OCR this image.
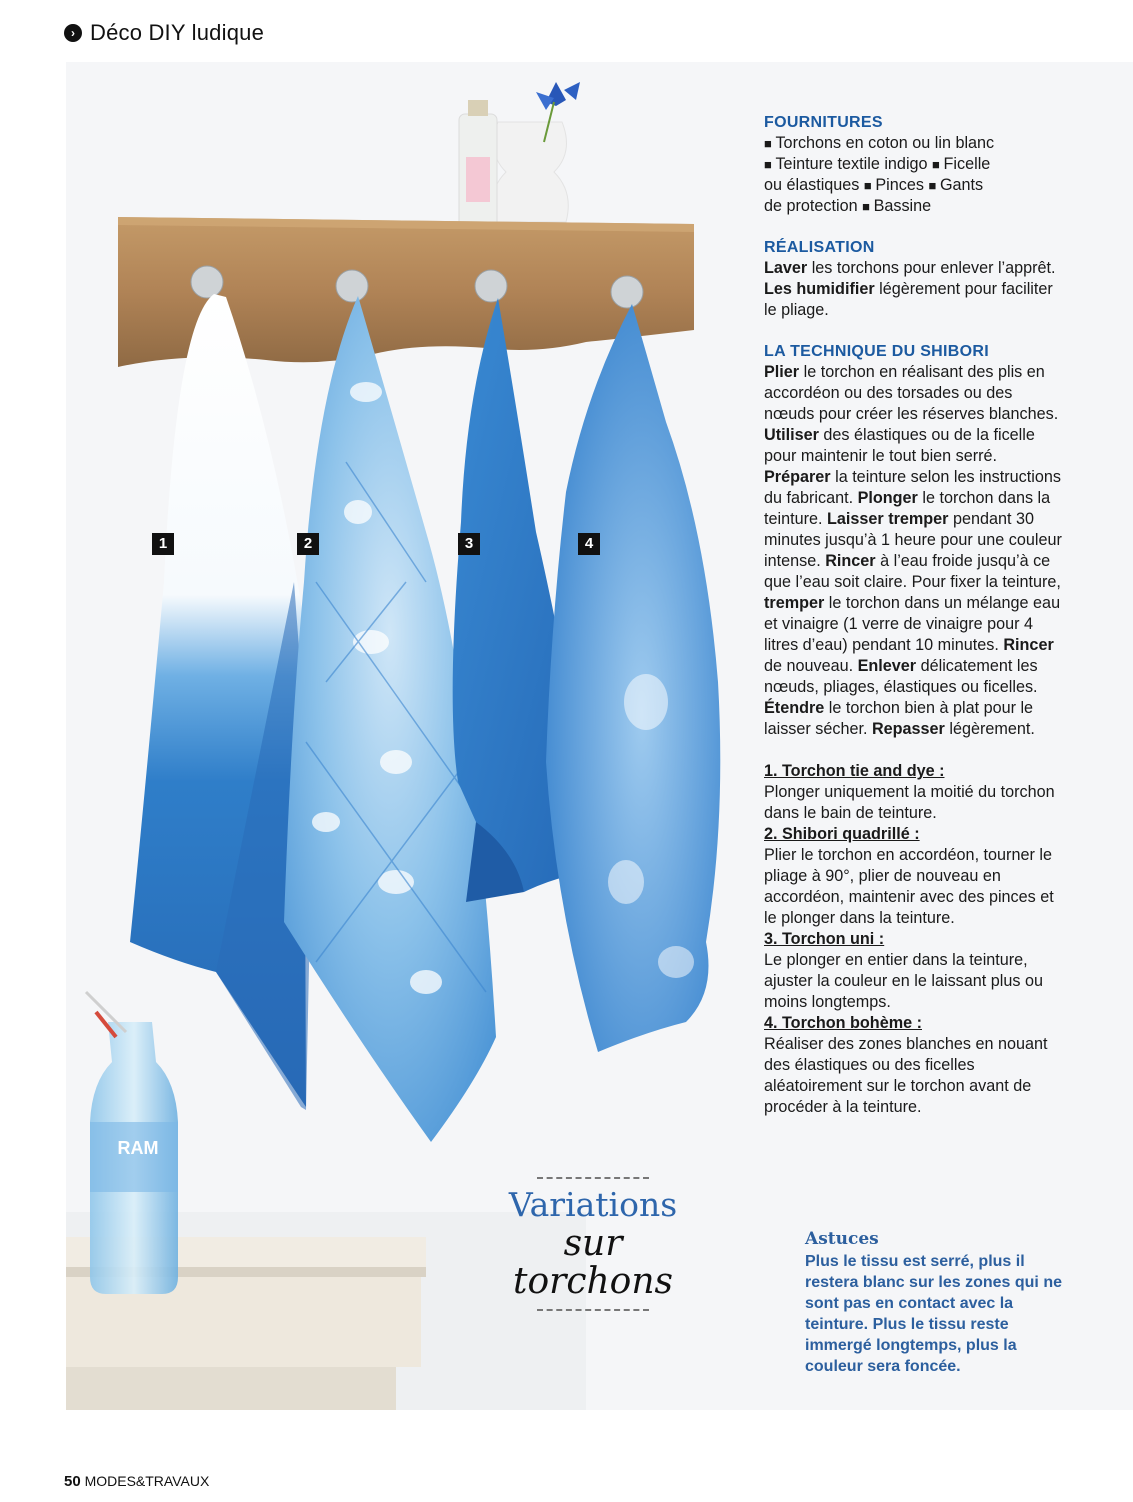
› Déco DIY ludique
RAM
1	2	3	4
FOURNITURES
■ Torchons en coton ou lin blanc
■ Teinture textile indigo ■ Ficelle
ou élastiques ■ Pinces ■ Gants
de protection ■ Bassine
RÉALISATION

Laver les torchons pour enlever l’apprêt. Les humidifier légèrement pour faciliter le pliage.

LA TECHNIQUE DU SHIBORI

Plier le torchon en réalisant des plis en accordéon ou des torsades ou des nœuds pour créer les réserves blanches. Utiliser des élastiques ou de la ficelle pour maintenir le tout bien serré. Préparer la teinture selon les instructions du fabricant. Plonger le torchon dans la teinture. Laisser tremper pendant 30 minutes jusqu’à 1 heure pour une couleur intense. Rincer à l’eau froide jusqu’à ce que l’eau soit claire. Pour fixer la teinture, tremper le torchon dans un mélange eau et vinaigre (1 verre de vinaigre pour 4 litres d’eau) pendant 10 minutes. Rincer de nouveau. Enlever délicatement les nœuds, pliages, élastiques ou ficelles. Étendre le torchon bien à plat pour le laisser sécher. Repasser légèrement.

1. Torchon tie and dye :

Plonger uniquement la moitié du torchon dans le bain de teinture.

2. Shibori quadrillé :

Plier le torchon en accordéon, tourner le pliage à 90°, plier de nouveau en accordéon, maintenir avec des pinces et le plonger dans la teinture.

3. Torchon uni :

Le plonger en entier dans la teinture, ajuster la couleur en le laissant plus ou moins longtemps.

4. Torchon bohème :

Réaliser des zones blanches en nouant des élastiques ou des ficelles aléatoirement sur le torchon avant de procéder à la teinture.

Variations
sur torchons
Astuces
Plus le tissu est serré, plus il restera blanc sur les zones qui ne sont pas en contact avec la teinture. Plus le tissu reste immergé longtemps, plus la couleur sera foncée.
50 MODES&TRAVAUX
